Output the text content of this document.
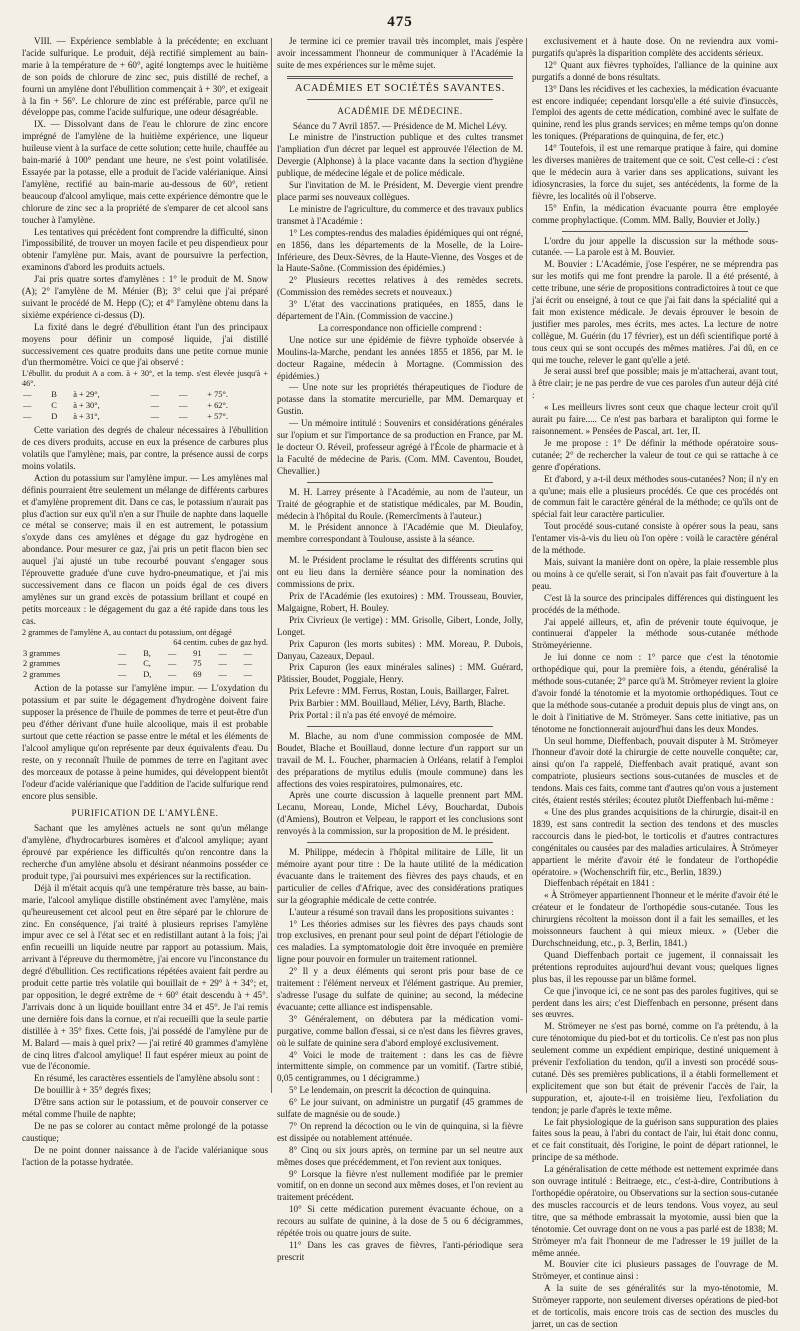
475

VIII. — Expérience semblable à la précédente; en excluant l'acide sulfurique. Le produit, déjà rectifié simplement au bain-marie à la température de + 60°, agité longtemps avec le huitième de son poids de chlorure de zinc sec, puis distillé de rechef, a fourni un amylène dont l'ébullition commençait à + 30°, et exigeait à la fin + 56°. Le chlorure de zinc est préférable, parce qu'il ne développe pas, comme l'acide sulfurique, une odeur désagréable.

IX. — Dissolvant dans de l'eau le chlorure de zinc encore imprégné de l'amylène de la huitième expérience, une liqueur huileuse vient à la surface de cette solution; cette huile, chauffée au bain-marié à 100° pendant une heure, ne s'est point volatilisée. Essayée par la potasse, elle a produit de l'acide valérianique. Ainsi l'amylène, rectifié au bain-marie au-dessous de 60°, retient beaucoup d'alcool amylique, mais cette expérience démontre que le chlorure de zinc sec a la propriété de s'emparer de cet alcool sans toucher à l'amylène.

Les tentatives qui précèdent font comprendre la difficulté, sinon l'impossibilité, de trouver un moyen facile et peu dispendieux pour obtenir l'amylène pur. Mais, avant de poursuivre la perfection, examinons d'abord les produits actuels.

J'ai pris quatre sortes d'amylènes : 1° le produit de M. Snow (A); 2° l'amylène de M. Ménier (B); 3° celui que j'ai préparé suivant le procédé de M. Hepp (C); et 4° l'amylène obtenu dans la sixième expérience ci-dessus (D).

La fixité dans le degré d'ébullition étant l'un des principaux moyens pour définir un composé liquide, j'ai distillé successivement ces quatre produits dans une petite cornue munie d'un thermomètre. Voici ce que j'ai observé :

L'ébullit. du produit A a com. à + 30°, et la temp. s'est élevée jusqu'à + 46°.

—	B	à + 29°,	—	—	+ 75°.
—	C	à + 30°,	—	—	+ 62°.
—	D	à + 31°,	—	—	+ 57°.

Cette variation des degrés de chaleur nécessaires à l'ébullition de ces divers produits, accuse en eux la présence de carbures plus volatils que l'amylène; mais, par contre, la présence aussi de corps moins volatils.

Action du potassium sur l'amylène impur. — Les amylènes mal définis pourraient être seulement un mélange de différents carbures et d'amylène proprement dit. Dans ce cas, le potassium n'aurait pas plus d'action sur eux qu'il n'en a sur l'huile de naphte dans laquelle ce métal se conserve; mais il en est autrement, le potassium s'oxyde dans ces amylènes et dégage du gaz hydrogène en abondance. Pour mesurer ce gaz, j'ai pris un petit flacon bien sec auquel j'ai ajusté un tube recourbé pouvant s'engager sous l'éprouvette graduée d'une cuve hydro-pneumatique, et j'ai mis successivement dans ce flacon un poids égal de ces divers amylènes sur un grand excès de potassium brillant et coupé en petits morceaux : le dégagement du gaz a été rapide dans tous les cas.

2 grammes de l'amylène A, au contact du potassium, ont dégagé

64 centim. cubes de gaz hyd.

3 grammes	—	B,	—	91	—	—
2 grammes	—	C,	—	75	—	—
2 grammes	—	D,	—	69	—	—

Action de la potasse sur l'amylène impur. — L'oxydation du potassium et par suite le dégagement d'hydrogène doivent faire supposer la présence de l'huile de pommes de terre et peut-être d'un peu d'éther dérivant d'une huile alcoolique, mais il est probable surtout que cette réaction se passe entre le métal et les éléments de l'alcool amylique qu'on représente par deux équivalents d'eau. Du reste, on y reconnaît l'huile de pommes de terre en l'agitant avec des morceaux de potasse à peine humides, qui développent bientôt l'odeur d'acide valérianique que l'addition de l'acide sulfurique rend encore plus sensible.

PURIFICATION DE L'AMYLÈNE.

Sachant que les amylènes actuels ne sont qu'un mélange d'amylène, d'hydrocarbures isomères et d'alcool amylique; ayant éprouvé par expérience les difficultés qu'on rencontre dans la recherche d'un amylène absolu et désirant néanmoins posséder ce produit type, j'ai poursuivi mes expériences sur la rectification.

Déjà il m'était acquis qu'à une température très basse, au bain-marie, l'alcool amylique distille obstinément avec l'amylène, mais qu'heureusement cet alcool peut en être séparé par le chlorure de zinc. En conséquence, j'ai traité à plusieurs reprises l'amylène impur avec ce sel à l'état sec et en redistillant autant à la fois; j'ai enfin recueilli un liquide neutre par rapport au potassium. Mais, arrivant à l'épreuve du thermomètre, j'ai encore vu l'inconstance du degré d'ébullition. Ces rectifications répétées avaient fait perdre au produit cette partie très volatile qui bouillait de + 29° à + 34°; et, par opposition, le degré extrême de + 60° était descendu à + 45°. J'arrivais donc à un liquide bouillant entre 34 et 45°. Je l'ai remis une dernière fois dans la cornue, et n'ai recueilli que la seule partie distillée à + 35° fixes. Cette fois, j'ai possédé de l'amylène pur de M. Balard — mais à quel prix? — j'ai retiré 40 grammes d'amylène de cinq litres d'alcool amylique! Il faut espérer mieux au point de vue de l'économie.

En résumé, les caractères essentiels de l'amylène absolu sont :

De bouillir à + 35° degrés fixes;

D'être sans action sur le potassium, et de pouvoir conserver ce métal comme l'huile de naphte;

De ne pas se colorer au contact même prolongé de la potasse caustique;

De ne point donner naissance à de l'acide valérianique sous l'action de la potasse hydratée.

Je termine ici ce premier travail très incomplet, mais j'espère avoir incessamment l'honneur de communiquer à l'Académie la suite de mes expériences sur le même sujet.

ACADÉMIES ET SOCIÉTÉS SAVANTES.
ACADÉMIE DE MÉDECINE.

Séance du 7 Avril 1857. — Présidence de M. Michel Lévy.

Le ministre de l'instruction publique et des cultes transmet l'ampliation d'un décret par lequel est approuvée l'élection de M. Devergie (Alphonse) à la place vacante dans la section d'hygiène publique, de médecine légale et de police médicale.

Sur l'invitation de M. le Président, M. Devergie vient prendre place parmi ses nouveaux collègues.

Le ministre de l'agriculture, du commerce et des travaux publics transmet à l'Académie :

1° Les comptes-rendus des maladies épidémiques qui ont régné, en 1856, dans les départements de la Moselle, de la Loire-Inférieure, des Deux-Sèvres, de la Haute-Vienne, des Vosges et de la Haute-Saône. (Commission des épidémies.)

2° Plusieurs recettes relatives à des remèdes secrets. (Commission des remèdes secrets et nouveaux.)

3° L'état des vaccinations pratiquées, en 1855, dans le département de l'Ain. (Commission de vaccine.)

La correspondance non officielle comprend :

Une notice sur une épidémie de fièvre typhoïde observée à Moulins-la-Marche, pendant les années 1855 et 1856, par M. le docteur Ragaine, médecin à Mortagne. (Commission des épidémies.)

— Une note sur les propriétés thérapeutiques de l'iodure de potasse dans la stomatite mercurielle, par MM. Demarquay et Gustin.

— Un mémoire intitulé : Souvenirs et considérations générales sur l'opium et sur l'importance de sa production en France, par M. le docteur O. Réveil, professeur agrégé à l'École de pharmacie et à la Faculté de médecine de Paris. (Com. MM. Caventou, Boudet, Chevallier.)

M. H. Larrey présente à l'Académie, au nom de l'auteur, un Traité de géographie et de statistique médicales, par M. Boudin, médecin à l'hôpital du Roule. (Remercîments à l'auteur.)

M. le Président annonce à l'Académie que M. Dieulafoy, membre correspondant à Toulouse, assiste à la séance.

M. le Président proclame le résultat des différents scrutins qui ont eu lieu dans la dernière séance pour la nomination des commissions de prix.

Prix de l'Académie (les exutoires) : MM. Trousseau, Bouvier, Malgaigne, Robert, H. Bouley.

Prix Civrieux (le vertige) : MM. Grisolle, Gibert, Londe, Jolly, Longet.

Prix Capuron (les morts subites) : MM. Moreau, P. Dubois, Danyau, Cazeaux, Depaul.

Prix Capuron (les eaux minérales salines) : MM. Guérard, Pâtissier, Boudet, Poggiale, Henry.

Prix Lefevre : MM. Ferrus, Rostan, Louis, Baillarger, Falret.

Prix Barbier : MM. Bouillaud, Mélier, Lévy, Barth, Blache.

Prix Portal : il n'a pas été envoyé de mémoire.

M. Blache, au nom d'une commission composée de MM. Boudet, Blache et Bouillaud, donne lecture d'un rapport sur un travail de M. L. Foucher, pharmacien à Orléans, relatif à l'emploi des préparations de mytilus edulis (moule commune) dans les affections des voies respiratoires, pulmonaires, etc.

Après une courte discussion à laquelle prennent part MM. Lecanu, Moreau, Londe, Michel Lévy, Bouchardat, Dubois (d'Amiens), Boutron et Velpeau, le rapport et les conclusions sont renvoyés à la commission, sur la proposition de M. le président.

M. Philippe, médecin à l'hôpital militaire de Lille, lit un mémoire ayant pour titre : De la haute utilité de la médication évacuante dans le traitement des fièvres des pays chauds, et en particulier de celles d'Afrique, avec des considérations pratiques sur la géographie médicale de cette contrée.

L'auteur a résumé son travail dans les propositions suivantes :

1° Les théories admises sur les fièvres des pays chauds sont trop exclusives, en prenant pour seul point de départ l'étiologie de ces maladies. La symptomatologie doit être invoquée en première ligne pour pouvoir en formuler un traitement rationnel.

2° Il y a deux éléments qui seront pris pour base de ce traitement : l'élément nerveux et l'élément gastrique. Au premier, s'adresse l'usage du sulfate de quinine; au second, la médecine évacuante; cette alliance est indispensable.

3° Généralement, on débutera par la médication vomi-purgative, comme ballon d'essai, si ce n'est dans les fièvres graves, où le sulfate de quinine sera d'abord employé exclusivement.

4° Voici le mode de traitement : dans les cas de fièvre intermittente simple, on commence par un vomitif. (Tartre stibié, 0,05 centigrammes, ou 1 décigramme.)

5° Le lendemain, on prescrit la décoction de quinquina.

6° Le jour suivant, on administre un purgatif (45 grammes de sulfate de magnésie ou de soude.)

7° On reprend la décoction ou le vin de quinquina, si la fièvre est dissipée ou notablement atténuée.

8° Cinq ou six jours après, on termine par un sel neutre aux mêmes doses que précédemment, et l'on revient aux toniques.

9° Lorsque la fièvre n'est nullement modifiée par le premier vomitif, on en donne un second aux mêmes doses, et l'on revient au traitement précédent.

10° Si cette médication purement évacuante échoue, on a recours au sulfate de quinine, à la dose de 5 ou 6 décigrammes, répétée trois ou quatre jours de suite.

11° Dans les cas graves de fièvres, l'anti-périodique sera prescrit

exclusivement et à haute dose. On ne reviendra aux vomi-purgatifs qu'après la disparition complète des accidents sérieux.

12° Quant aux fièvres typhoïdes, l'alliance de la quinine aux purgatifs a donné de bons résultats.

13° Dans les récidives et les cachexies, la médication évacuante est encore indiquée; cependant lorsqu'elle a été suivie d'insuccès, l'emploi des agents de cette médication, combiné avec le sulfate de quinine, rend les plus grands services; en même temps qu'on donne les toniques. (Préparations de quinquina, de fer, etc.)

14° Toutefois, il est une remarque pratique à faire, qui domine les diverses manières de traitement que ce soit. C'est celle-ci : c'est que le médecin aura à varier dans ses applications, suivant les idiosyncrasies, la force du sujet, ses antécédents, la forme de la fièvre, les localités où il l'observe.

15° Enfin, la médication évacuante pourra être employée comme prophylactique. (Comm. MM. Bally, Bouvier et Jolly.)

L'ordre du jour appelle la discussion sur la méthode sous-cutanée. — La parole est à M. Bouvier.

M. Bouvier : L'Académie, j'ose l'espérer, ne se méprendra pas sur les motifs qui me font prendre la parole. Il a été présenté, à cette tribune, une série de propositions contradictoires à tout ce que j'ai écrit ou enseigné, à tout ce que j'ai fait dans la spécialité qui a fait mon existence médicale. Je devais éprouver le besoin de justifier mes paroles, mes écrits, mes actes. La lecture de notre collègue, M. Guérin (du 17 février), est un défi scientifique porté à tous ceux qui se sont occupés des mêmes matières. J'ai dû, en ce qui me touche, relever le gant qu'elle a jeté.

Je serai aussi bref que possible; mais je m'attacherai, avant tout, à être clair; je ne pas perdre de vue ces paroles d'un auteur déjà cité :

« Les meilleurs livres sont ceux que chaque lecteur croit qu'il aurait pu faire..... Ce n'est pas barbara et baralipton qui forme le raisonnement. » Pensées de Pascal, art. 1er, II.

Je me propose : 1° De définir la méthode opératoire sous-cutanée; 2° de rechercher la valeur de tout ce qui se rattache à ce genre d'opérations.

Et d'abord, y a-t-il deux méthodes sous-cutanées? Non; il n'y en a qu'une; mais elle a plusieurs procédés. Ce que ces procédés ont de commun fait le caractère général de la méthode; ce qu'ils ont de spécial fait leur caractère particulier.

Tout procédé sous-cutané consiste à opérer sous la peau, sans l'entamer vis-à-vis du lieu où l'on opère : voilà le caractère général de la méthode.

Mais, suivant la manière dont on opère, la plaie ressemble plus ou moins à ce qu'elle serait, si l'on n'avait pas fait d'ouverture à la peau.

C'est là la source des principales différences qui distinguent les procédés de la méthode.

J'ai appelé ailleurs, et, afin de prévenir toute équivoque, je continuerai d'appeler la méthode sous-cutanée méthode Strömeyérienne.

Je lui donne ce nom : 1° parce que c'est la ténotomie orthopédique qui, pour la première fois, a étendu, généralisé la méthode sous-cutanée; 2° parce qu'à M. Strömeyer revient la gloire d'avoir fondé la ténotomie et la myotomie orthopédiques. Tout ce que la méthode sous-cutanée a produit depuis plus de vingt ans, on le doit à l'initiative de M. Strömeyer. Sans cette initiative, pas un ténotome ne fonctionnerait aujourd'hui dans les deux Mondes.

Un seul homme, Dieffenbach, pouvait disputer à M. Strömeyer l'honneur d'avoir doté la chirurgie de cette nouvelle conquête; car, ainsi qu'on l'a rappelé, Dieffenbach avait pratiqué, avant son compatriote, plusieurs sections sous-cutanées de muscles et de tendons. Mais ces faits, comme tant d'autres qu'on vous a justement cités, étaient restés stériles; écoutez plutôt Dieffenbach lui-même :

« Une des plus grandes acquisitions de la chirurgie, disait-il en 1839, est sans contredit la section des tendons et des muscles raccourcis dans le pied-bot, le torticolis et d'autres contractures congénitales ou causées par des maladies articulaires. À Strömeyer appartient le mérite d'avoir été le fondateur de l'orthopédie opératoire. » (Wochenschrift für, etc., Berlin, 1839.)

Dieffenbach répétait en 1841 :

« À Strömeyer appartiennent l'honneur et le mérite d'avoir été le créateur et le fondateur de l'orthopédie sous-cutanée. Tous les chirurgiens récoltent la moisson dont il a fait les semailles, et les moissonneurs fauchent à qui mieux mieux. » (Ueber die Durchschneidung, etc., p. 3, Berlin, 1841.)

Quand Dieffenbach portait ce jugement, il connaissait les prétentions reproduites aujourd'hui devant vous; quelques lignes plus bas, il les repousse par un blâme formel.

Ce que j'invoque ici, ce ne sont pas des paroles fugitives, qui se perdent dans les airs; c'est Dieffenbach en personne, présent dans ses œuvres.

M. Strömeyer ne s'est pas borné, comme on l'a prétendu, à la cure ténotomique du pied-bot et du torticolis. Ce n'est pas non plus seulement comme un expédient empirique, destiné uniquement à prévenir l'exfoliation du tendon, qu'il a investi son procédé sous-cutané. Dès ses premières publications, il a établi formellement et explicitement que son but était de prévenir l'accès de l'air, la suppuration, et, ajoute-t-il en troisième lieu, l'exfoliation du tendon; je parle d'après le texte même.

Le fait physiologique de la guérison sans suppuration des plaies faites sous la peau, à l'abri du contact de l'air, lui était donc connu, et ce fait constituait, dès l'origine, le point de départ rationnel, le principe de sa méthode.

La généralisation de cette méthode est nettement exprimée dans son ouvrage intitulé : Beitraege, etc., c'est-à-dire, Contributions à l'orthopédie opératoire, ou Observations sur la section sous-cutanée des muscles raccourcis et de leurs tendons. Vous voyez, au seul titre, que sa méthode embrassait la myotomie, aussi bien que la ténotomie. Cet ouvrage dont on ne vous a pas parlé est de 1838; M. Strömeyer m'a fait l'honneur de me l'adresser le 19 juillet de la même année.

M. Bouvier cite ici plusieurs passages de l'ouvrage de M. Strömeyer, et continue ainsi :

A la suite de ses généralités sur la myo-ténotomie, M. Strömeyer rapporte, non seulement diverses opérations de pied-bot et de torticolis, mais encore trois cas de section des muscles du jarret, un cas de section
